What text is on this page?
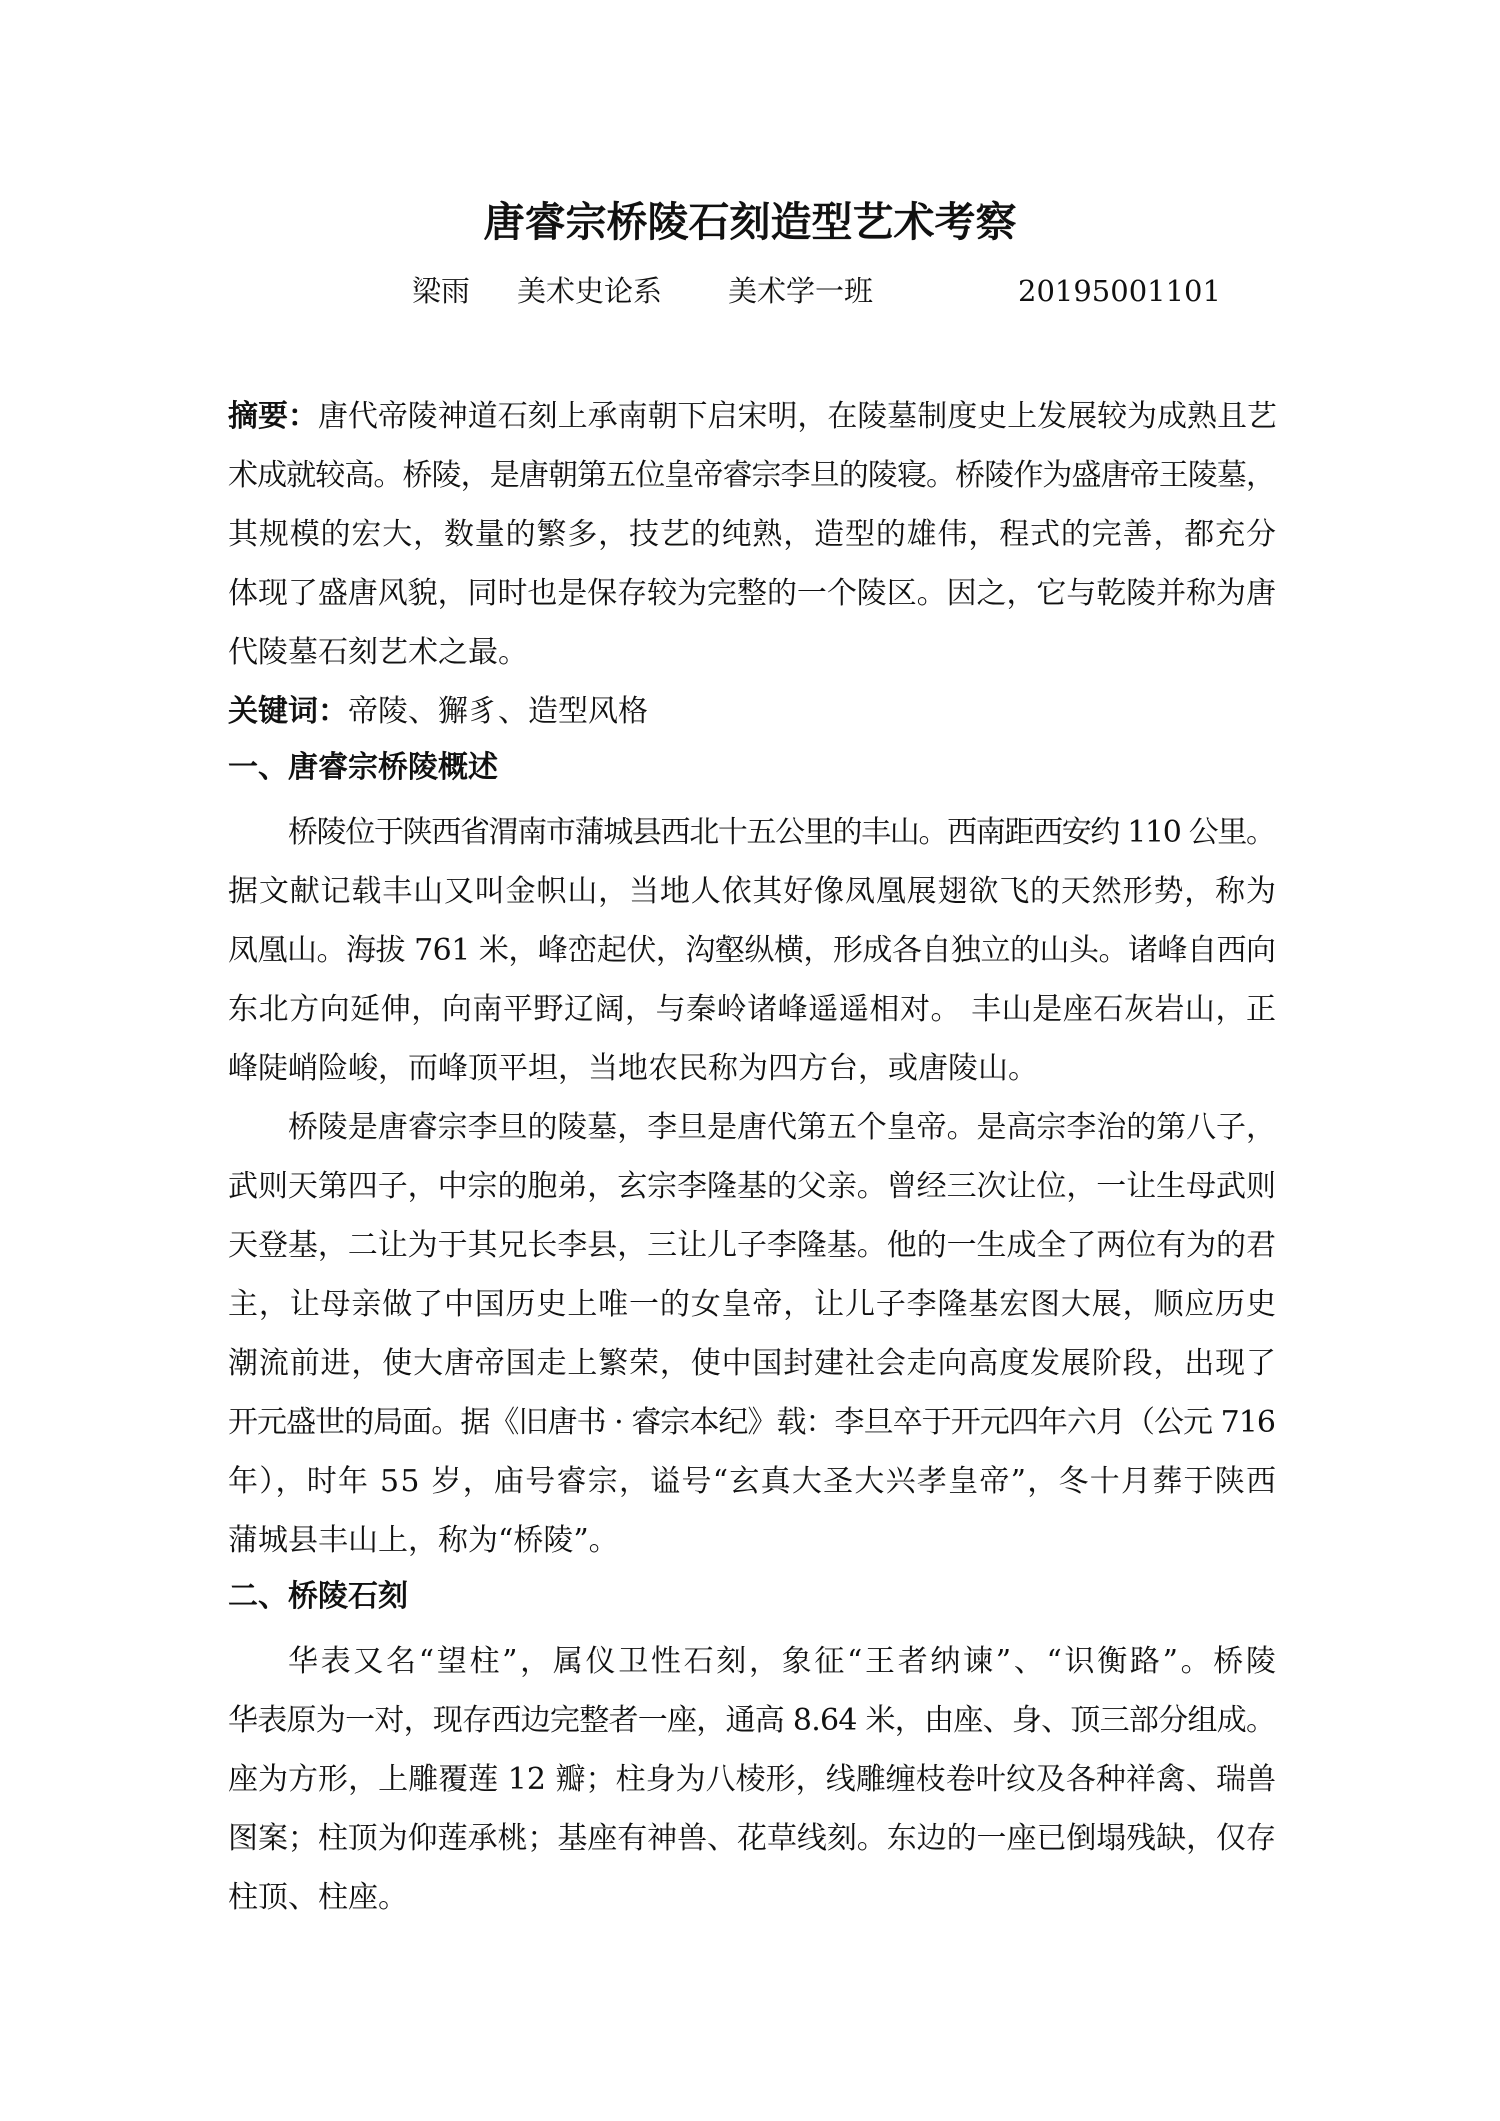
唐睿宗桥陵石刻造型艺术考察
梁雨 美术史论系 美术学一班	20195001101
摘要：唐代帝陵神道石刻上承南朝下启宋明，在陵墓制度史上发展较为成熟且艺
术成就较高。桥陵，是唐朝第五位皇帝睿宗李旦的陵寝。桥陵作为盛唐帝王陵墓，
其规模的宏大，数量的繁多，技艺的纯熟，造型的雄伟，程式的完善，都充分
体现了盛唐风貌，同时也是保存较为完整的一个陵区。因之，它与乾陵并称为唐
代陵墓石刻艺术之最。
关键词： 帝陵、獬豸、造型风格
一、唐睿宗桥陵概述
桥陵位于陕西省渭南市蒲城县西北十五公里的丰山。西南距西安约 110 公里。
据文献记载丰山又叫金帜山，当地人依其好像凤凰展翅欲飞的天然形势，称为
凤凰山。海拔 761 米，峰峦起伏，沟壑纵横，形成各自独立的山头。诸峰自西向
东北方向延伸，向南平野辽阔，与秦岭诸峰遥遥相对。 丰山是座石灰岩山，正
峰陡峭险峻，而峰顶平坦，当地农民称为四方台，或唐陵山。
桥陵是唐睿宗李旦的陵墓，李旦是唐代第五个皇帝。是高宗李治的第八子，
武则天第四子，中宗的胞弟，玄宗李隆基的父亲。曾经三次让位，一让生母武则
天登基，二让为于其兄长李县，三让儿子李隆基。他的一生成全了两位有为的君
主，让母亲做了中国历史上唯一的女皇帝，让儿子李隆基宏图大展，顺应历史
潮流前进，使大唐帝国走上繁荣，使中国封建社会走向高度发展阶段，出现了
开元盛世的局面。据《旧唐书 · 睿宗本纪》载：李旦卒于开元四年六月（公元 716
年），时年 55 岁，庙号睿宗，谥号“玄真大圣大兴孝皇帝”，冬十月葬于陕西
蒲城县丰山上，称为“桥陵”。
二、桥陵石刻
华表又名“望柱”，属仪卫性石刻，象征“王者纳谏”、“识衡路”。桥陵
华表原为一对，现存西边完整者一座，通高 8.64 米，由座、身、顶三部分组成。
座为方形，上雕覆莲 12 瓣；柱身为八棱形，线雕缠枝卷叶纹及各种祥禽、瑞兽
图案；柱顶为仰莲承桃；基座有神兽、花草线刻。东边的一座已倒塌残缺，仅存
柱顶、柱座。
